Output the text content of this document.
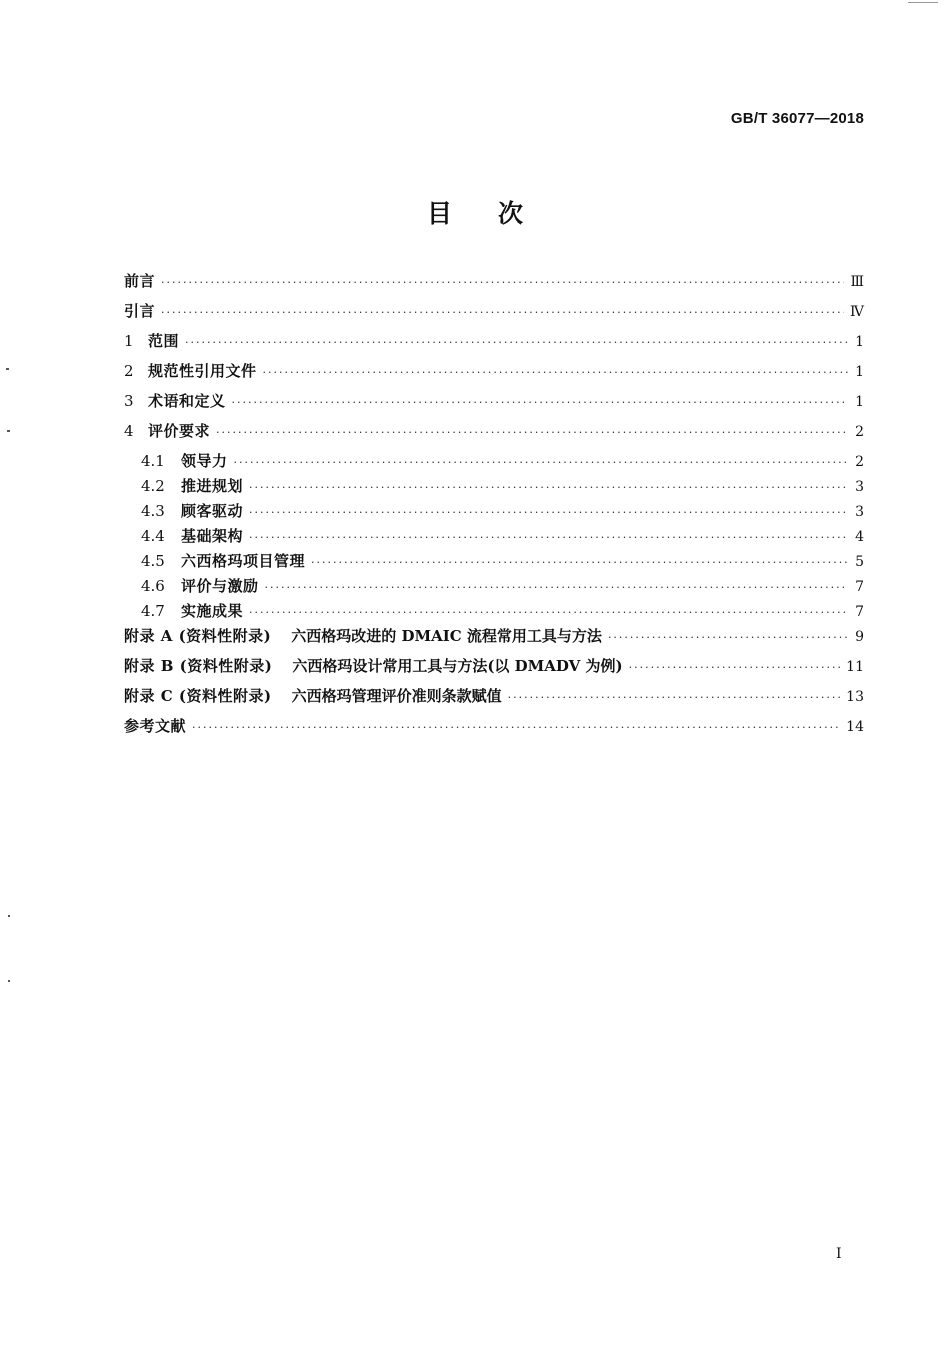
GB/T 36077—2018
目 次
前言 ·····	Ⅲ
引言 ·····	Ⅳ
1 范围 ·····	1
2 规范性引用文件 ·····	1
3 术语和定义 ·····	1
4 评价要求 ·····	2
4.1	领导力 ·····	2
4.2	推进规划 ·····	3
4.3	顾客驱动 ·····	3
4.4	基础架构 ·····	4
4.5	六西格玛项目管理 ·····	5
4.6	评价与激励 ·····	7
4.7	实施成果 ·····	7
附录 A (资料性附录) 六西格玛改进的 DMAIC 流程常用工具与方法 ·····	9
附录 B (资料性附录) 六西格玛设计常用工具与方法(以 DMADV 为例) ·····	11
附录 C (资料性附录) 六西格玛管理评价准则条款赋值 ·····	13
参考文献 ·····	14
I
